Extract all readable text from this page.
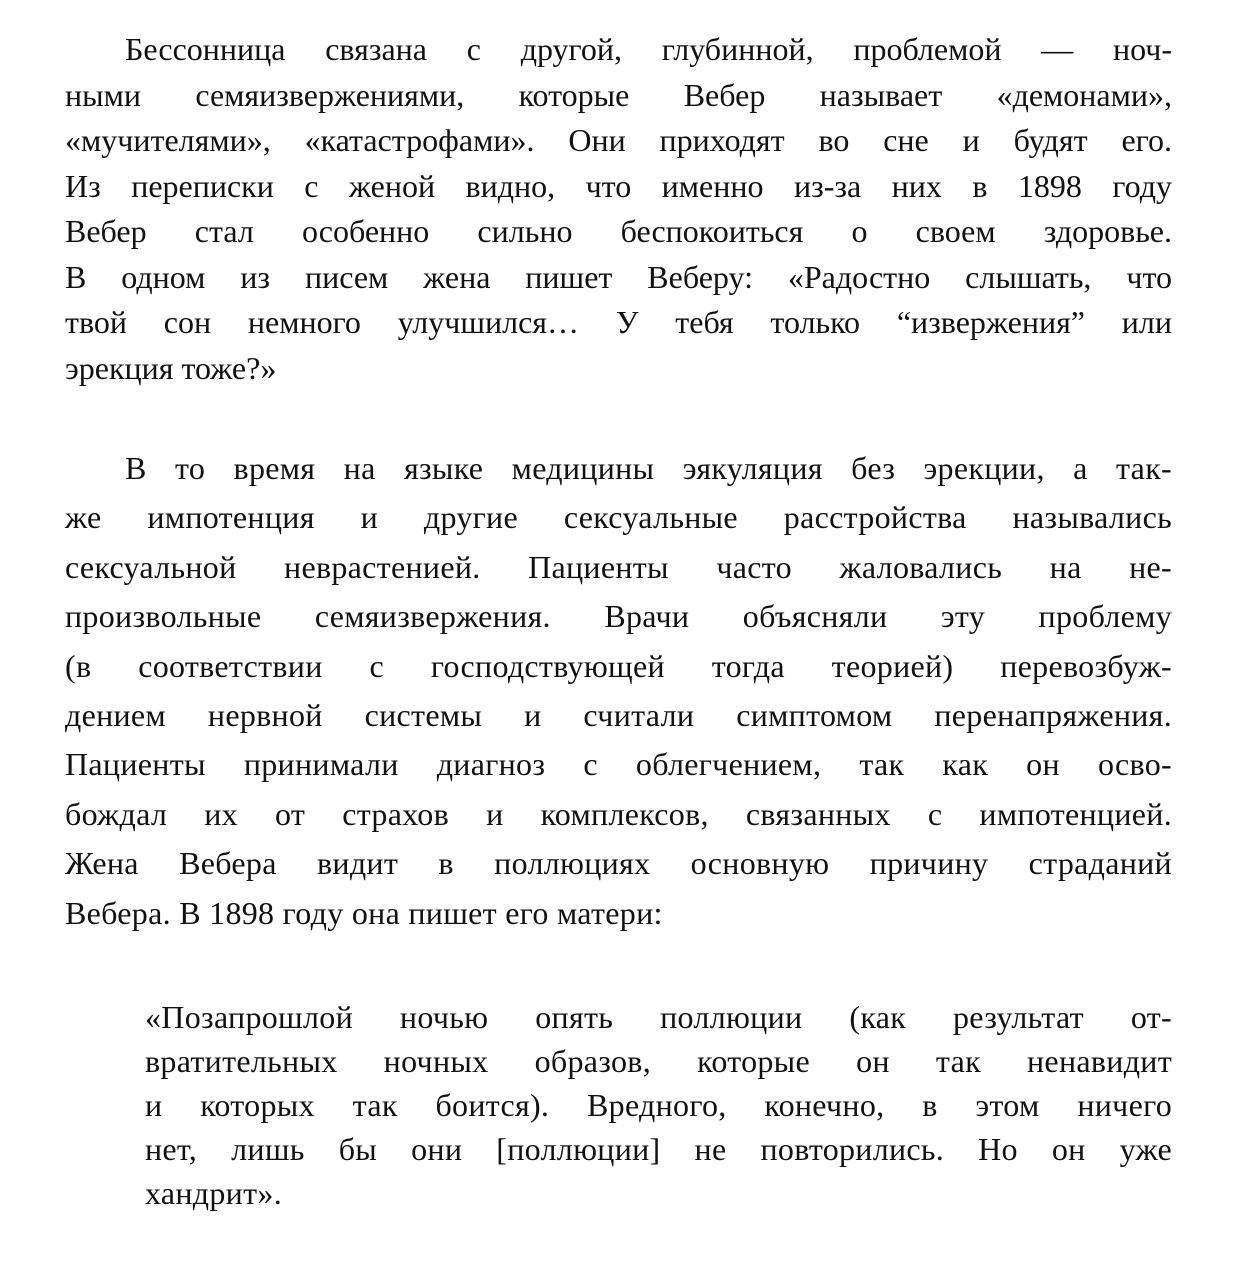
Бессонница связана с другой, глубинной, проблемой — ноч-
ными семяизвержениями, которые Вебер называет «демонами»,
«мучителями», «катастрофами». Они приходят во сне и будят его.
Из переписки с женой видно, что именно из-за них в 1898 году
Вебер стал особенно сильно беспокоиться о своем здоровье.
В одном из писем жена пишет Веберу: «Радостно слышать, что
твой сон немного улучшился… У тебя только “извержения” или
эрекция тоже?»
В то время на языке медицины эякуляция без эрекции, а так-
же импотенция и другие сексуальные расстройства назывались
сексуальной неврастенией. Пациенты часто жаловались на не-
произвольные семяизвержения. Врачи объясняли эту проблему
(в соответствии с господствующей тогда теорией) перевозбуж-
дением нервной системы и считали симптомом перенапряжения.
Пациенты принимали диагноз с облегчением, так как он осво-
бождал их от страхов и комплексов, связанных с импотенцией.
Жена Вебера видит в поллюциях основную причину страданий
Вебера. В 1898 году она пишет его матери:
«Позапрошлой ночью опять поллюции (как результат от-
вратительных ночных образов, которые он так ненавидит
и которых так боится). Вредного, конечно, в этом ничего
нет, лишь бы они [поллюции] не повторились. Но он уже
хандрит».
